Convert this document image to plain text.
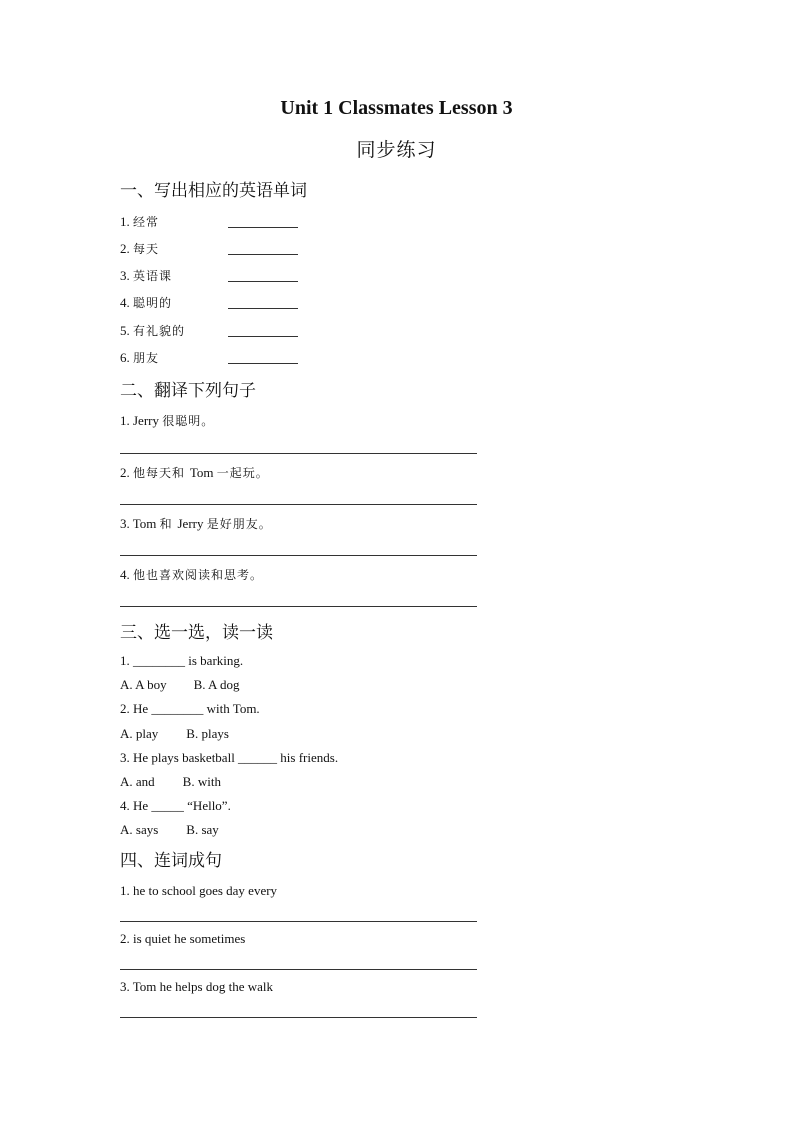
Unit 1 Classmates Lesson 3
同步练习
一、写出相应的英语单词
1. 经常
2. 每天
3. 英语课
4. 聪明的
5. 有礼貌的
6. 朋友
二、翻译下列句子
1. Jerry 很聪明。
2. 他每天和 Tom 一起玩。
3. Tom 和 Jerry 是好朋友。
4. 他也喜欢阅读和思考。
三、选一选，读一读
1. ________ is barking.
A. A boy B. A dog
2. He ________ with Tom.
A. play B. plays
3. He plays basketball ______ his friends.
A. and B. with
4. He _____ “Hello”.
A. says B. say
四、连词成句
1. he to school goes day every
2. is quiet he sometimes
3. Tom he helps dog the walk
